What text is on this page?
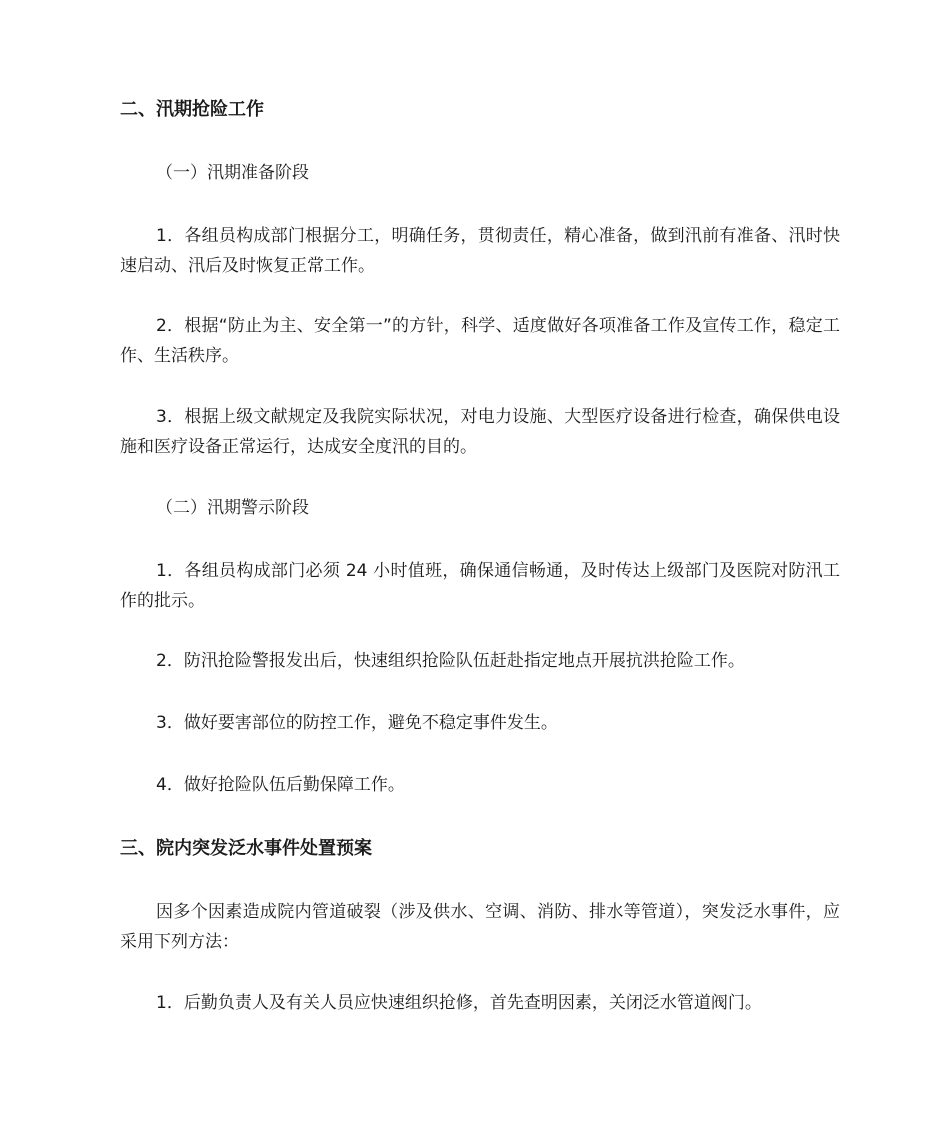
二、汛期抢险工作

（一）汛期准备阶段

1．各组员构成部门根据分工，明确任务，贯彻责任，精心准备，做到汛前有准备、汛时快速启动、汛后及时恢复正常工作。

2．根据“防止为主、安全第一”的方针，科学、适度做好各项准备工作及宣传工作，稳定工作、生活秩序。

3．根据上级文献规定及我院实际状况，对电力设施、大型医疗设备进行检查，确保供电设施和医疗设备正常运行，达成安全度汛的目的。

（二）汛期警示阶段

1．各组员构成部门必须 24 小时值班，确保通信畅通，及时传达上级部门及医院对防汛工作的批示。

2．防汛抢险警报发出后，快速组织抢险队伍赶赴指定地点开展抗洪抢险工作。

3．做好要害部位的防控工作，避免不稳定事件发生。

4．做好抢险队伍后勤保障工作。

三、院内突发泛水事件处置预案

因多个因素造成院内管道破裂（涉及供水、空调、消防、排水等管道），突发泛水事件，应采用下列方法：

1．后勤负责人及有关人员应快速组织抢修，首先查明因素，关闭泛水管道阀门。
